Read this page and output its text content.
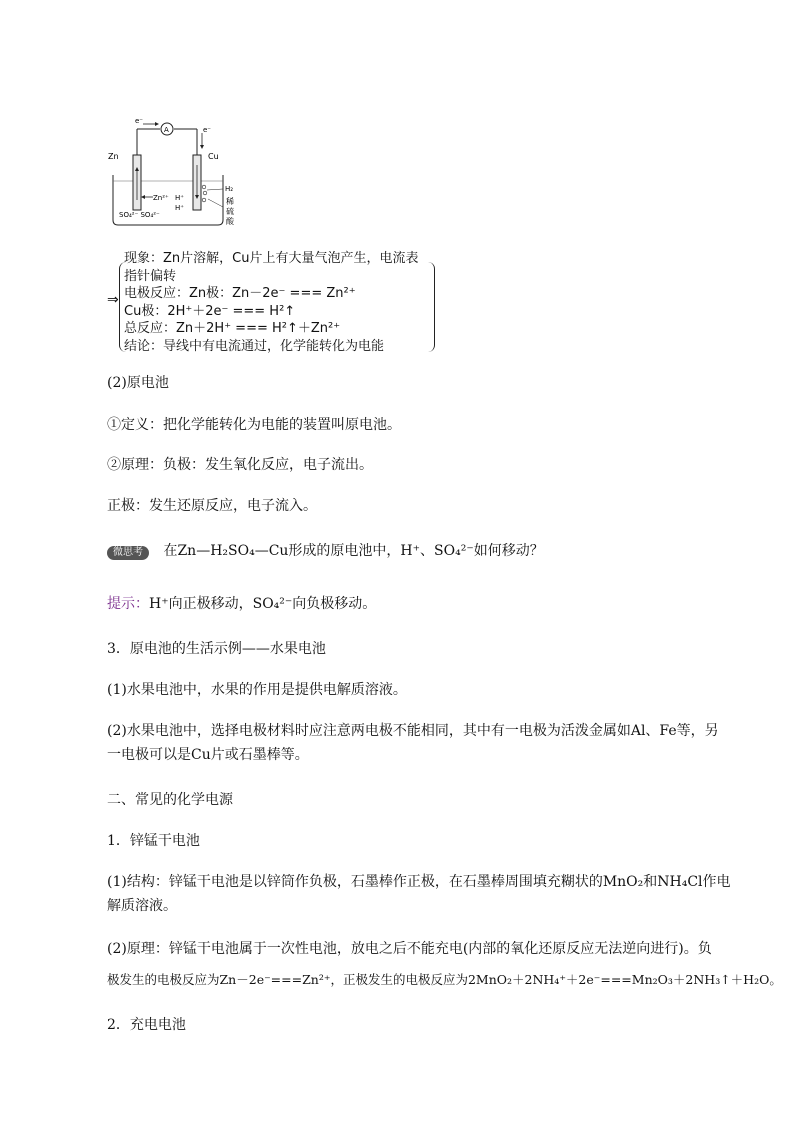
e⁻
A	e⁻
Zn	Cu
Zn²⁺ H⁺
H⁺
H₂
稀
硫
酸
SO₄²⁻ SO₄²⁻
⇒
现象：Zn片溶解，Cu片上有大量气泡产生，电流表
指针偏转
电极反应：Zn极：Zn－2e⁻ === Zn²⁺
Cu极：2H⁺＋2e⁻ === H²↑
总反应：Zn＋2H⁺ === H²↑＋Zn²⁺
结论：导线中有电流通过，化学能转化为电能
(2)原电池
①定义：把化学能转化为电能的装置叫原电池。
②原理：负极：发生氧化反应，电子流出。
正极：发生还原反应，电子流入。
微思考 在Zn—H₂SO₄—Cu形成的原电池中，H⁺、SO₄²⁻如何移动？
提示：H⁺向正极移动，SO₄²⁻向负极移动。
3．原电池的生活示例——水果电池
(1)水果电池中，水果的作用是提供电解质溶液。
(2)水果电池中，选择电极材料时应注意两电极不能相同，其中有一电极为活泼金属如Al、Fe等，另
一电极可以是Cu片或石墨棒等。
二、常见的化学电源
1．锌锰干电池
(1)结构：锌锰干电池是以锌筒作负极，石墨棒作正极，在石墨棒周围填充糊状的MnO₂和NH₄Cl作电
解质溶液。
(2)原理：锌锰干电池属于一次性电池，放电之后不能充电(内部的氧化还原反应无法逆向进行)。负
极发生的电极反应为Zn－2e⁻===Zn²⁺，正极发生的电极反应为2MnO₂＋2NH₄⁺＋2e⁻===Mn₂O₃＋2NH₃↑＋H₂O。
2．充电电池
